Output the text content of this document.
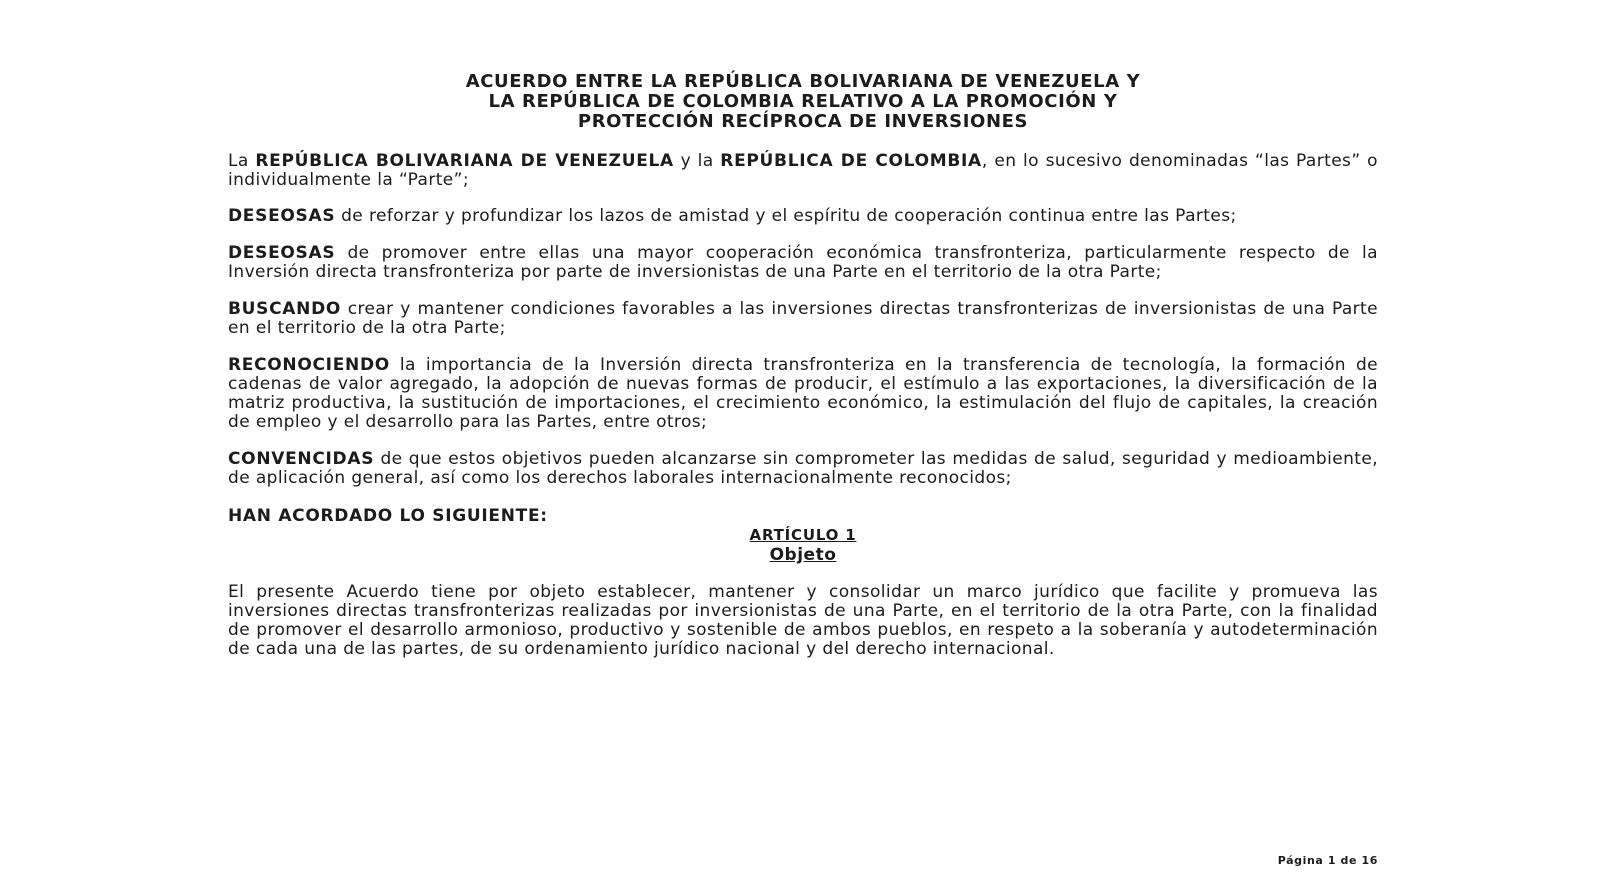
ACUERDO ENTRE LA REPÚBLICA BOLIVARIANA DE VENEZUELA Y
LA REPÚBLICA DE COLOMBIA RELATIVO A LA PROMOCIÓN Y
PROTECCIÓN RECÍPROCA DE INVERSIONES

La REPÚBLICA BOLIVARIANA DE VENEZUELA y la REPÚBLICA DE COLOMBIA, en lo sucesivo denominadas “las Partes” o individualmente la “Parte”;

DESEOSAS de reforzar y profundizar los lazos de amistad y el espíritu de cooperación continua entre las Partes;

DESEOSAS de promover entre ellas una mayor cooperación económica transfronteriza, particularmente respecto de la Inversión directa transfronteriza por parte de inversionistas de una Parte en el territorio de la otra Parte;

BUSCANDO crear y mantener condiciones favorables a las inversiones directas transfronterizas de inversionistas de una Parte en el territorio de la otra Parte;

RECONOCIENDO la importancia de la Inversión directa transfronteriza en la transferencia de tecnología, la formación de cadenas de valor agregado, la adopción de nuevas formas de producir, el estímulo a las exportaciones, la diversificación de la matriz productiva, la sustitución de importaciones, el crecimiento económico, la estimulación del flujo de capitales, la creación de empleo y el desarrollo para las Partes, entre otros;

CONVENCIDAS de que estos objetivos pueden alcanzarse sin comprometer las medidas de salud, seguridad y medioambiente, de aplicación general, así como los derechos laborales internacionalmente reconocidos;

HAN ACORDADO LO SIGUIENTE:

ARTÍCULO 1

Objeto

El presente Acuerdo tiene por objeto establecer, mantener y consolidar un marco jurídico que facilite y promueva las inversiones directas transfronterizas realizadas por inversionistas de una Parte, en el territorio de la otra Parte, con la finalidad de promover el desarrollo armonioso, productivo y sostenible de ambos pueblos, en respeto a la soberanía y autodeterminación de cada una de las partes, de su ordenamiento jurídico nacional y del derecho internacional.

Página 1 de 16
